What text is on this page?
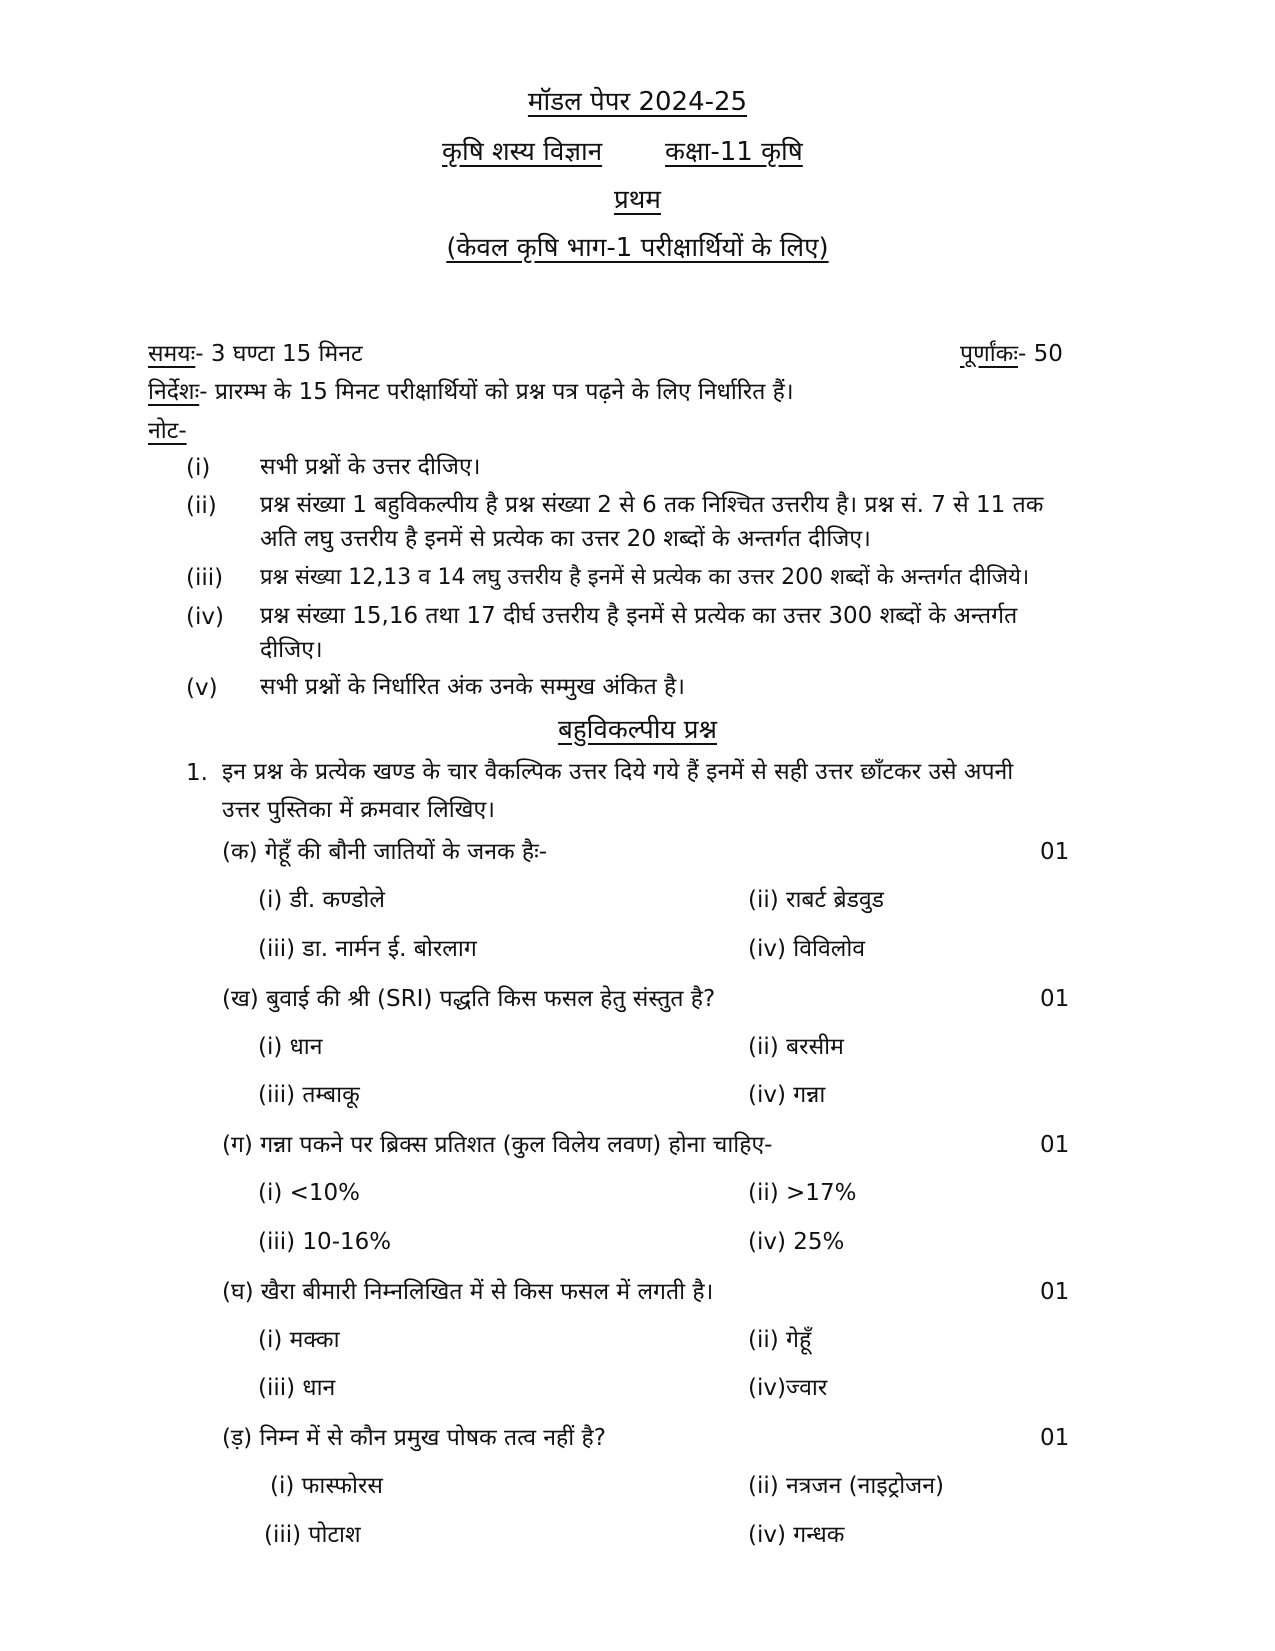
मॉडल पेपर 2024-25
कृषि शस्य विज्ञान कक्षा-11 कृषि
प्रथम
(केवल कृषि भाग-1 परीक्षार्थियों के लिए)
समयः- 3 घण्टा 15 मिनट	पूर्णांकः- 50
निर्देशः- प्रारम्भ के 15 मिनट परीक्षार्थियों को प्रश्न पत्र पढ़ने के लिए निर्धारित हैं।
नोट-
(i) सभी प्रश्नों के उत्तर दीजिए।
(ii) प्रश्न संख्या 1 बहुविकल्पीय है प्रश्न संख्या 2 से 6 तक निश्चित उत्तरीय है। प्रश्न सं. 7 से 11 तक
अति लघु उत्तरीय है इनमें से प्रत्येक का उत्तर 20 शब्दों के अन्तर्गत दीजिए।
(iii) प्रश्न संख्या 12,13 व 14 लघु उत्तरीय है इनमें से प्रत्येक का उत्तर 200 शब्दों के अन्तर्गत दीजिये।
(iv) प्रश्न संख्या 15,16 तथा 17 दीर्घ उत्तरीय है इनमें से प्रत्येक का उत्तर 300 शब्दों के अन्तर्गत
दीजिए।
(v) सभी प्रश्नों के निर्धारित अंक उनके सम्मुख अंकित है।
बहुविकल्पीय प्रश्न
1. इन प्रश्न के प्रत्येक खण्ड के चार वैकल्पिक उत्तर दिये गये हैं इनमें से सही उत्तर छाँटकर उसे अपनी
उत्तर पुस्तिका में क्रमवार लिखिए।
(क) गेहूँ की बौनी जातियों के जनक हैः-	01
(i) डी. कण्डोले	(ii) राबर्ट ब्रेडवुड
(iii) डा. नार्मन ई. बोरलाग	(iv) विविलोव
(ख) बुवाई की श्री (SRI) पद्धति किस फसल हेतु संस्तुत है?	01
(i) धान	(ii) बरसीम
(iii) तम्बाकू	(iv) गन्ना
(ग) गन्ना पकने पर ब्रिक्स प्रतिशत (कुल विलेय लवण) होना चाहिए-	01
(i) <10%	(ii) >17%
(iii) 10-16%	(iv) 25%
(घ) खैरा बीमारी निम्नलिखित में से किस फसल में लगती है।	01
(i) मक्का	(ii) गेहूँ
(iii) धान	(iv)ज्वार
(ड़) निम्न में से कौन प्रमुख पोषक तत्व नहीं है?	01
(i) फास्फोरस	(ii) नत्रजन (नाइट्रोजन)
(iii) पोटाश	(iv) गन्धक
